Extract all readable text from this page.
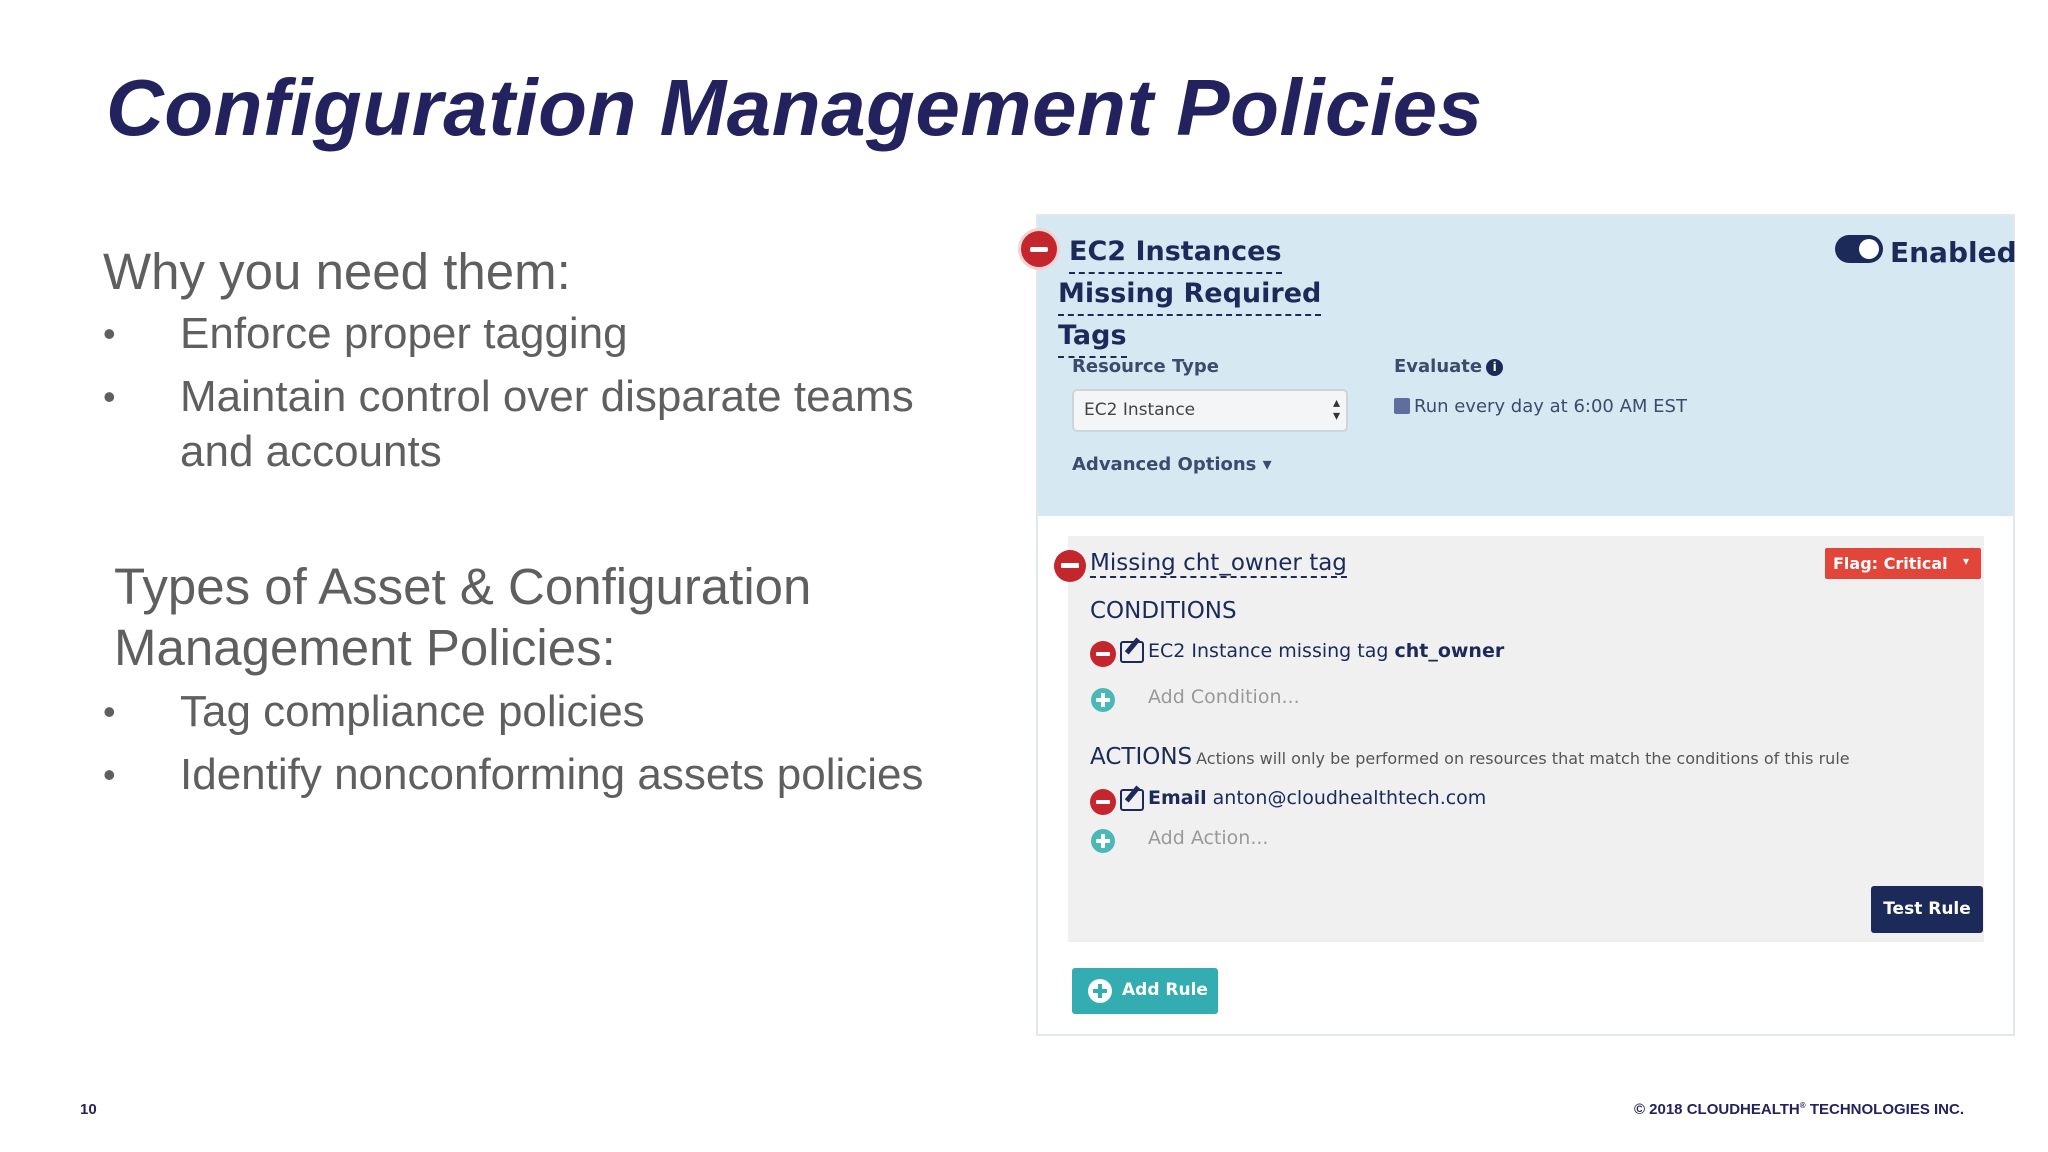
Configuration Management Policies
Why you need them:
• Enforce proper tagging
• Maintain control over disparate teams and accounts
Types of Asset & Configuration Management Policies:
• Tag compliance policies
• Identify nonconforming assets policies
EC2 Instances
Missing Required
Tags
Enabled
Resource Type	Evaluate i
EC2 Instance	▴
▾	Run every day at 6:00 AM EST
Advanced Options ▾
Missing cht_owner tag	Flag: Critical ▾
CONDITIONS
EC2 Instance missing tag cht_owner
Add Condition...
ACTIONS Actions will only be performed on resources that match the conditions of this rule
Email anton@cloudhealthtech.com
Add Action...
Test Rule
Add Rule
10	© 2018 CLOUDHEALTH® TECHNOLOGIES INC.
